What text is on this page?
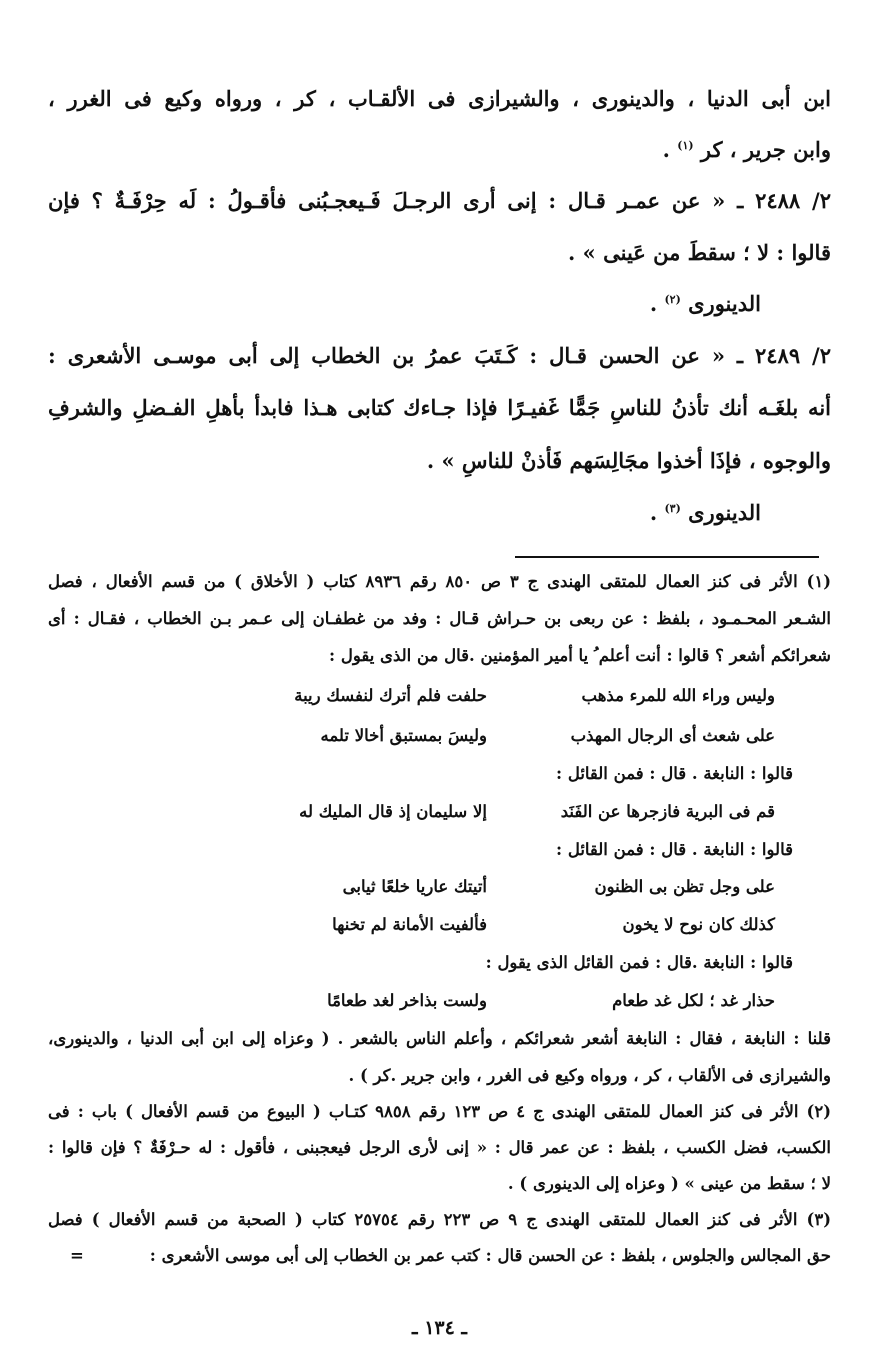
ابن أبى الدنيا ، والدينورى ، والشيرازى فى الألقـاب ، كر ، ورواه وكيع فى الغرر ،
وابن جرير ، كر $^{(١)}$ .
٢/ ٢٤٨٨ ـ « عن عمـر قـال : إنى أرى الرجـلَ فَـيعجـبُنى فأقـولُ : لَه حِرْفَـةٌ ؟ فإن
قالوا : لا ؛ سقطَ من عَينى » .
الدينورى $^{(٢)}$ .
٢/ ٢٤٨٩ ـ « عن الحسن قـال : كَـتَبَ عمرُ بن الخطاب إلى أبى موسـى الأشعرى :
أنه بلغَـه أنك تأذنُ للناسِ جَمًّا غَفيـرًا فإذا جـاءك كتابى هـذا فابدأ بأهلِ الفـضلِ والشرفِ
والوجوه ، فإذَا أخذوا مجَالِسَهم فَأذنْ للناسِ » .
الدينورى $^{(٣)}$ .
(١) الأثر فى كنز العمال للمتقى الهندى ج ٣ ص ٨٥٠ رقم ٨٩٣٦ كتاب ( الأخلاق ) من قسم الأفعال ، فصل
الشـعر المحـمـود ، بلفظ : عن ربعى بن حـراش قـال : وفد من غطفـان إلى عـمر بـن الخطاب ، فقـال : أى
شعرائكم أشعر ؟ قالوا : أنت أعلم ُ يا أمير المؤمنين .قال من الذى يقول :
حلفت فلم أترك لنفسك ريبة	وليس وراء الله للمرء مذهب
وليسَ بمستبق أخالا تلمه	على شعث أى الرجال المهذب
قالوا : النابغة . قال : فمن القائل :
إلا سليمان إذ قال المليك له	قم فى البرية فازجرها عن الفَنَد
قالوا : النابغة . قال : فمن القائل :
أتيتك عاريا خلعًا ثيابى	على وجل تظن بى الظنون
فألفيت الأمانة لم تخنها	كذلك كان نوح لا يخون
قالوا : النابغة .قال : فمن القائل الذى يقول :
ولست بذاخر لغد طعامًا	حذار غد ؛ لكل غد طعام
قلنا : النابغة ، فقال : النابغة أشعر شعرائكم ، وأعلم الناس بالشعر . ( وعزاه إلى ابن أبى الدنيا ، والدينورى،
والشيرازى فى الألقاب ، كر ، ورواه وكيع فى الغرر ، وابن جرير .كر ) .
(٢) الأثر فى كنز العمال للمتقى الهندى ج ٤ ص ١٢٣ رقم ٩٨٥٨ كتـاب ( البيوع من قسم الأفعال ) باب : فى
الكسب، فضل الكسب ، بلفظ : عن عمر قال : « إنى لأرى الرجل فيعجبنى ، فأقول : له حـرْفَةٌ ؟ فإن قالوا :
لا ؛ سقط من عينى » ( وعزاه إلى الدينورى ) .
(٣) الأثر فى كنز العمال للمتقى الهندى ج ٩ ص ٢٢٣ رقم ٢٥٧٥٤ كتاب ( الصحبة من قسم الأفعال ) فصل
حق المجالس والجلوس ، بلفظ : عن الحسن قال : كتب عمر بن الخطاب إلى أبى موسى الأشعرى :
=
ـ ١٣٤ ـ
